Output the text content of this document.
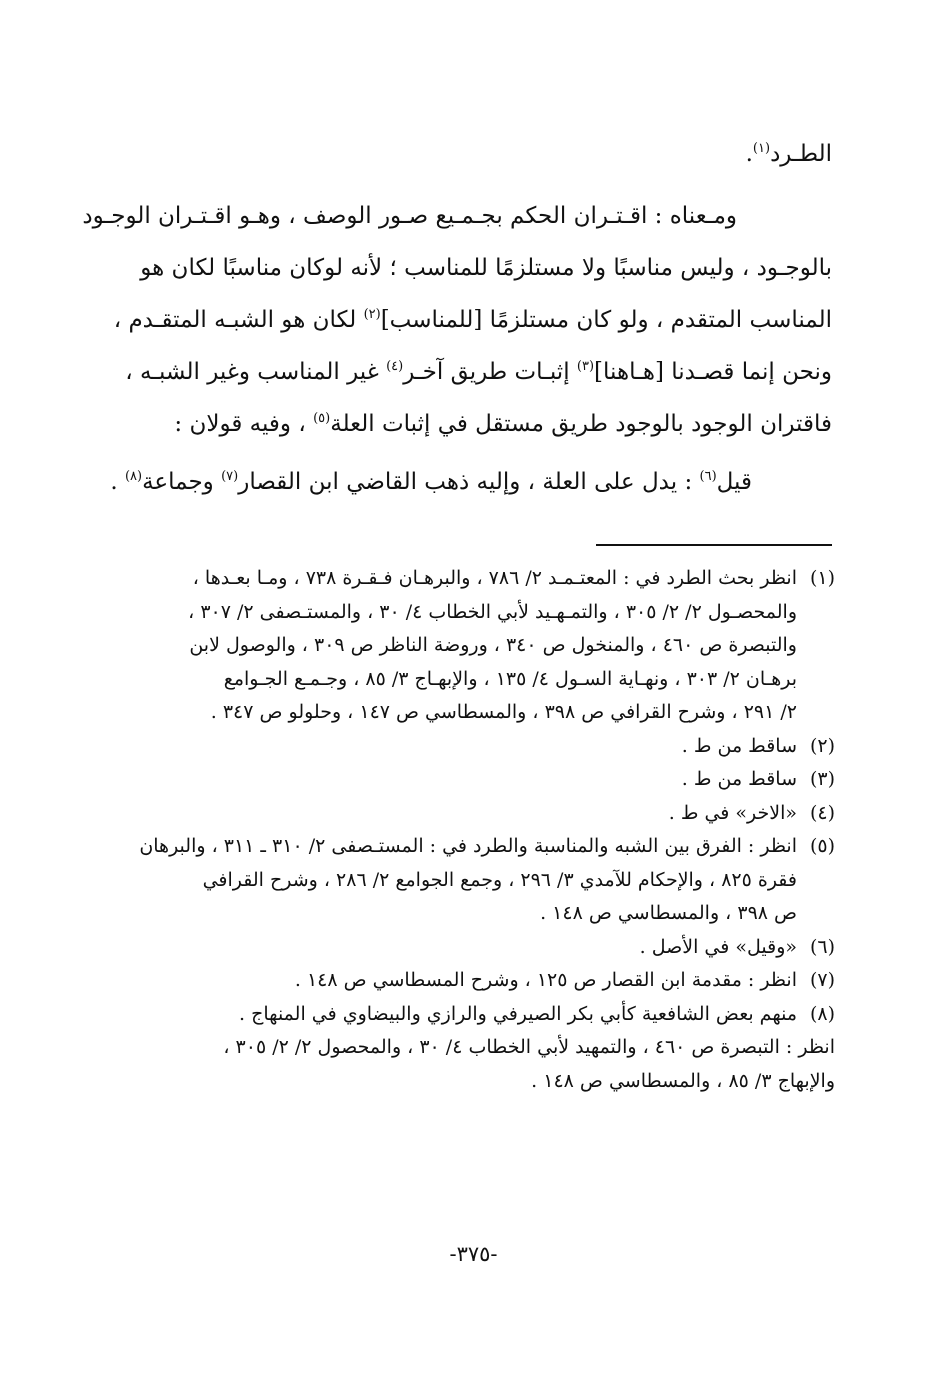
الطـرد$^{(١)}$.
ومـعناه : اقـتـران الحكم بجـمـيع صـور الوصف ، وهـو اقـتـران الوجـود
بالوجـود ، وليس مناسبًا ولا مستلزمًا للمناسب ؛ لأنه لوكان مناسبًا لكان هو
المناسب المتقدم ، ولو كان مستلزمًا [للمناسب]$^{(٢)}$ لكان هو الشبـه المتقـدم ،
ونحن إنما قصـدنا [هـاهنا]$^{(٣)}$ إثبـات طريق آخـر$^{(٤)}$ غير المناسب وغير الشبـه ،
فاقتران الوجود بالوجود طريق مستقل في إثبات العلة$^{(٥)}$ ، وفيه قولان :
قيل$^{(٦)}$ : يدل على العلة ، وإليه ذهب القاضي ابن القصار$^{(٧)}$ وجماعة$^{(٨)}$ .
(١)
انظر بحث الطرد في : المعتـمـد ٢/ ٧٨٦ ، والبرهـان فـقـرة ٧٣٨ ، ومـا بعـدها ،
والمحصـول ٢/ ٢/ ٣٠٥ ، والتمـهـيد لأبي الخطاب ٤/ ٣٠ ، والمستـصفى ٢/ ٣٠٧ ،
والتبصرة ص ٤٦٠ ، والمنخول ص ٣٤٠ ، وروضة الناظر ص ٣٠٩ ، والوصول لابن
برهـان ٢/ ٣٠٣ ، ونهـاية السـول ٤/ ١٣٥ ، والإبهـاج ٣/ ٨٥ ، وجـمـع الجـوامع
٢/ ٢٩١ ، وشرح القرافي ص ٣٩٨ ، والمسطاسي ص ١٤٧ ، وحلولو ص ٣٤٧ .
(٢)
ساقط من ط .
(٣)
ساقط من ط .
(٤)
«الاخر» في ط .
(٥)
انظر : الفرق بين الشبه والمناسبة والطرد في : المستـصفى ٢/ ٣١٠ ـ ٣١١ ، والبرهان
فقرة ٨٢٥ ، والإحكام للآمدي ٣/ ٢٩٦ ، وجمع الجوامع ٢/ ٢٨٦ ، وشرح القرافي
ص ٣٩٨ ، والمسطاسي ص ١٤٨ .
(٦)
«وقيل» في الأصل .
(٧)
انظر : مقدمة ابن القصار ص ١٢٥ ، وشرح المسطاسي ص ١٤٨ .
(٨)
منهم بعض الشافعية كأبي بكر الصيرفي والرازي والبيضاوي في المنهاج .
انظر : التبصرة ص ٤٦٠ ، والتمهيد لأبي الخطاب ٤/ ٣٠ ، والمحصول ٢/ ٢/ ٣٠٥ ،
والإبهاج ٣/ ٨٥ ، والمسطاسي ص ١٤٨ .
-٣٧٥-
